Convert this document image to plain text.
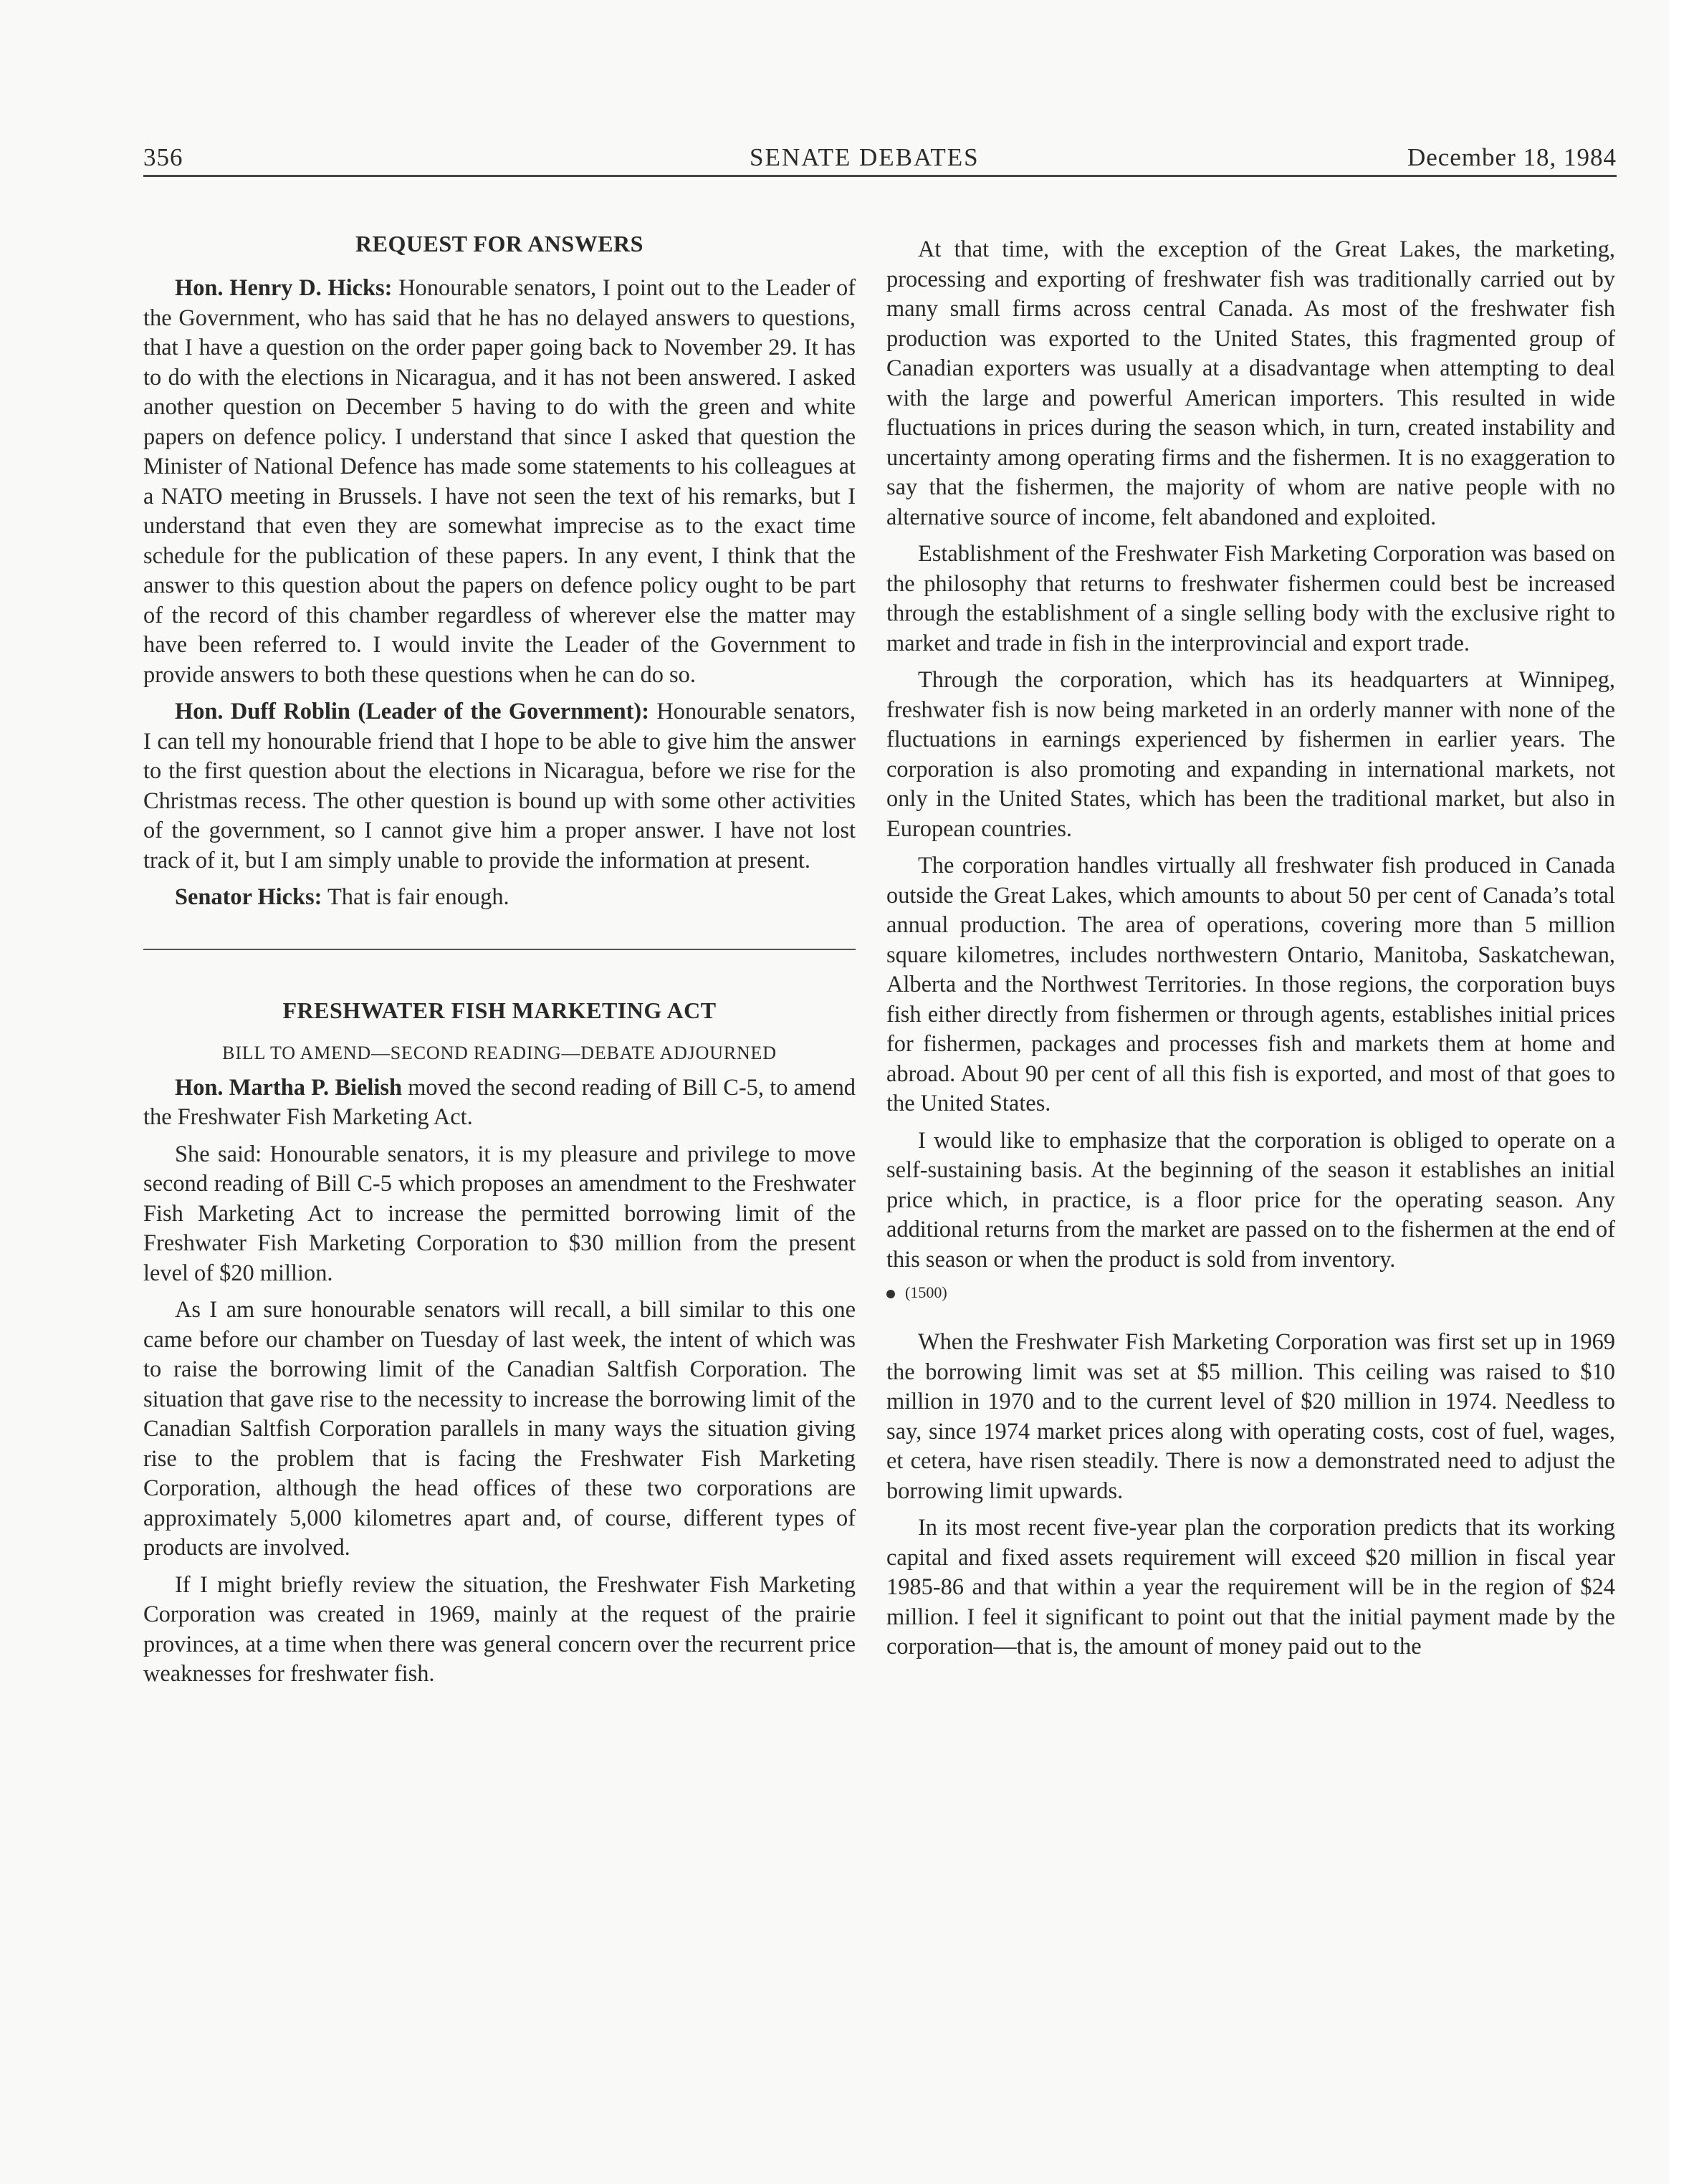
356	SENATE DEBATES	December 18, 1984
REQUEST FOR ANSWERS

Hon. Henry D. Hicks: Honourable senators, I point out to the Leader of the Government, who has said that he has no delayed answers to questions, that I have a question on the order paper going back to November 29. It has to do with the elections in Nicaragua, and it has not been answered. I asked another question on December 5 having to do with the green and white papers on defence policy. I understand that since I asked that question the Minister of National Defence has made some statements to his colleagues at a NATO meeting in Brussels. I have not seen the text of his remarks, but I understand that even they are somewhat imprecise as to the exact time schedule for the publication of these papers. In any event, I think that the answer to this question about the papers on defence policy ought to be part of the record of this chamber regardless of wherever else the matter may have been referred to. I would invite the Leader of the Government to provide answers to both these questions when he can do so.

Hon. Duff Roblin (Leader of the Government): Honourable senators, I can tell my honourable friend that I hope to be able to give him the answer to the first question about the elections in Nicaragua, before we rise for the Christmas recess. The other question is bound up with some other activities of the government, so I cannot give him a proper answer. I have not lost track of it, but I am simply unable to provide the information at present.

Senator Hicks: That is fair enough.

FRESHWATER FISH MARKETING ACT
BILL TO AMEND—SECOND READING—DEBATE ADJOURNED

Hon. Martha P. Bielish moved the second reading of Bill C-5, to amend the Freshwater Fish Marketing Act.

She said: Honourable senators, it is my pleasure and privilege to move second reading of Bill C-5 which proposes an amendment to the Freshwater Fish Marketing Act to increase the permitted borrowing limit of the Freshwater Fish Marketing Corporation to $30 million from the present level of $20 million.

As I am sure honourable senators will recall, a bill similar to this one came before our chamber on Tuesday of last week, the intent of which was to raise the borrowing limit of the Canadian Saltfish Corporation. The situation that gave rise to the necessity to increase the borrowing limit of the Canadian Saltfish Corporation parallels in many ways the situation giving rise to the problem that is facing the Freshwater Fish Marketing Corporation, although the head offices of these two corporations are approximately 5,000 kilometres apart and, of course, different types of products are involved.

If I might briefly review the situation, the Freshwater Fish Marketing Corporation was created in 1969, mainly at the request of the prairie provinces, at a time when there was general concern over the recurrent price weaknesses for freshwater fish.

At that time, with the exception of the Great Lakes, the marketing, processing and exporting of freshwater fish was traditionally carried out by many small firms across central Canada. As most of the freshwater fish production was exported to the United States, this fragmented group of Canadian exporters was usually at a disadvantage when attempting to deal with the large and powerful American importers. This resulted in wide fluctuations in prices during the season which, in turn, created instability and uncertainty among operating firms and the fishermen. It is no exaggeration to say that the fishermen, the majority of whom are native people with no alternative source of income, felt abandoned and exploited.

Establishment of the Freshwater Fish Marketing Corporation was based on the philosophy that returns to freshwater fishermen could best be increased through the establishment of a single selling body with the exclusive right to market and trade in fish in the interprovincial and export trade.

Through the corporation, which has its headquarters at Winnipeg, freshwater fish is now being marketed in an orderly manner with none of the fluctuations in earnings experienced by fishermen in earlier years. The corporation is also promoting and expanding in international markets, not only in the United States, which has been the traditional market, but also in European countries.

The corporation handles virtually all freshwater fish produced in Canada outside the Great Lakes, which amounts to about 50 per cent of Canada’s total annual production. The area of operations, covering more than 5 million square kilometres, includes northwestern Ontario, Manitoba, Saskatchewan, Alberta and the Northwest Territories. In those regions, the corporation buys fish either directly from fishermen or through agents, establishes initial prices for fishermen, packages and processes fish and markets them at home and abroad. About 90 per cent of all this fish is exported, and most of that goes to the United States.

I would like to emphasize that the corporation is obliged to operate on a self-sustaining basis. At the beginning of the season it establishes an initial price which, in practice, is a floor price for the operating season. Any additional returns from the market are passed on to the fishermen at the end of this season or when the product is sold from inventory.

(1500)

When the Freshwater Fish Marketing Corporation was first set up in 1969 the borrowing limit was set at $5 million. This ceiling was raised to $10 million in 1970 and to the current level of $20 million in 1974. Needless to say, since 1974 market prices along with operating costs, cost of fuel, wages, et cetera, have risen steadily. There is now a demonstrated need to adjust the borrowing limit upwards.

In its most recent five-year plan the corporation predicts that its working capital and fixed assets requirement will exceed $20 million in fiscal year 1985-86 and that within a year the requirement will be in the region of $24 million. I feel it significant to point out that the initial payment made by the corporation—that is, the amount of money paid out to the
